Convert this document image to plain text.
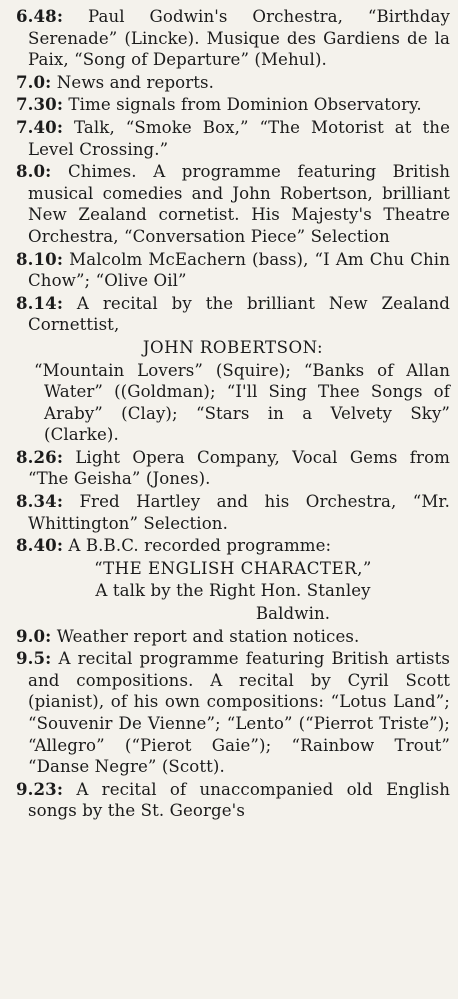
6.48: Paul Godwin's Orchestra, “Birthday Serenade” (Lincke). Musique des Gardiens de la Paix, “Song of Departure” (Mehul).

7.0: News and reports.

7.30: Time signals from Dominion Observatory.

7.40: Talk, “Smoke Box,” “The Motorist at the Level Crossing.”

8.0: Chimes. A programme featuring British musical comedies and John Robertson, brilliant New Zealand cornetist. His Majesty's Theatre Orchestra, “Conversation Piece” Selection

8.10: Malcolm McEachern (bass), “I Am Chu Chin Chow”; “Olive Oil”

8.14: A recital by the brilliant New Zealand Cornettist,

JOHN ROBERTSON:

“Mountain Lovers” (Squire); “Banks of Allan Water” ((Goldman); “I'll Sing Thee Songs of Araby” (Clay); “Stars in a Velvety Sky” (Clarke).

8.26: Light Opera Company, Vocal Gems from “The Geisha” (Jones).

8.34: Fred Hartley and his Orchestra, “Mr. Whittington” Selection.

8.40: A B.B.C. recorded programme:

“THE ENGLISH CHARACTER,”

A talk by the Right Hon. Stanley

Baldwin.

9.0: Weather report and station notices.

9.5: A recital programme featuring British artists and compositions. A recital by Cyril Scott (pianist), of his own compositions: “Lotus Land”; “Souvenir De Vienne”; “Lento” (“Pierrot Triste”); “Allegro” (“Pierot Gaie”); “Rainbow Trout” “Danse Negre” (Scott).

9.23: A recital of unaccompanied old English songs by the St. George's
